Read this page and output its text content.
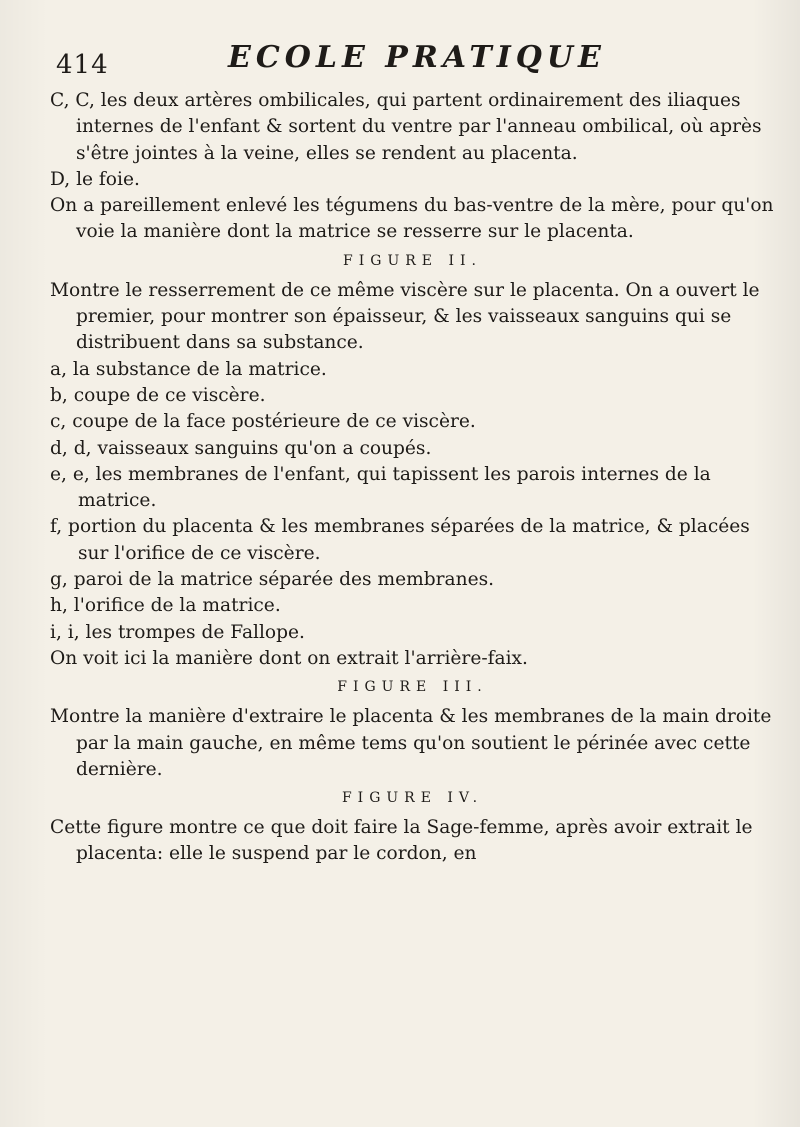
414	ECOLE PRATIQUE

C, C, les deux artères ombilicales, qui partent ordinairement des iliaques internes de l'enfant & sortent du ventre par l'anneau ombilical, où après s'être jointes à la veine, elles se rendent au placenta.

D, le foie.

On a pareillement enlevé les tégumens du bas-ventre de la mère, pour qu'on voie la manière dont la matrice se resserre sur le placenta.

FIGURE II.

Montre le resserrement de ce même viscère sur le placenta. On a ouvert le premier, pour montrer son épaisseur, & les vaisseaux sanguins qui se distribuent dans sa substance.

a, la substance de la matrice.

b, coupe de ce viscère.

c, coupe de la face postérieure de ce viscère.

d, d, vaisseaux sanguins qu'on a coupés.

e, e, les membranes de l'enfant, qui tapissent les parois internes de la matrice.

f, portion du placenta & les membranes séparées de la matrice, & placées sur l'orifice de ce viscère.

g, paroi de la matrice séparée des membranes.

h, l'orifice de la matrice.

i, i, les trompes de Fallope.

On voit ici la manière dont on extrait l'arrière-faix.

FIGURE III.

Montre la manière d'extraire le placenta & les membranes de la main droite par la main gauche, en même tems qu'on soutient le périnée avec cette dernière.

FIGURE IV.

Cette figure montre ce que doit faire la Sage-femme, après avoir extrait le placenta: elle le suspend par le cordon, en
